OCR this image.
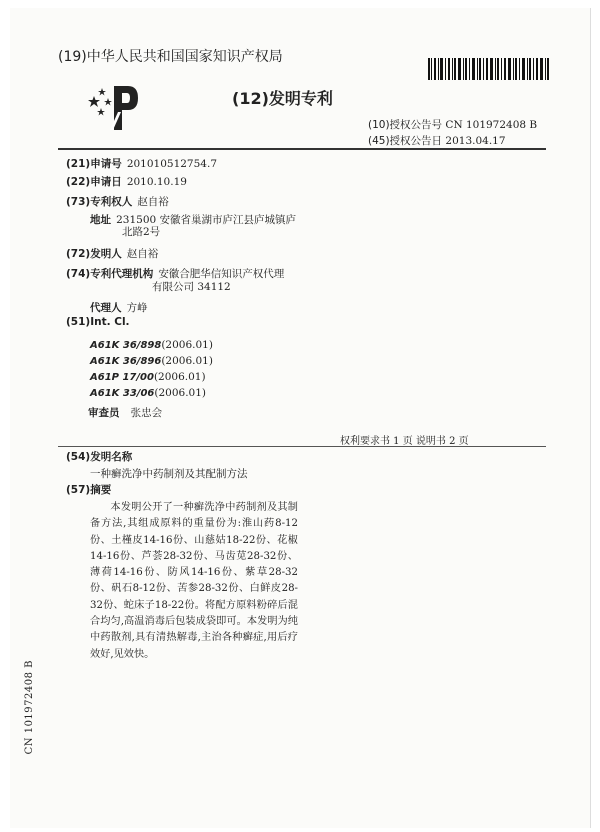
(19)中华人民共和国国家知识产权局
(12)发明专利
(10)授权公告号 CN 101972408 B
(45)授权公告日 2013.04.17
(21)申请号 201010512754.7
(22)申请日 2010.10.19
(73)专利权人 赵自裕
地址 231500 安徽省巢湖市庐江县庐城镇庐
北路2号
(72)发明人 赵自裕
(74)专利代理机构 安徽合肥华信知识产权代理
有限公司 34112
代理人 方峥
(51)Int. Cl.
A61K 36/898(2006.01)
A61K 36/896(2006.01)
A61P 17/00(2006.01)
A61K 33/06(2006.01)
审查员 张忠会
权利要求书 1 页 说明书 2 页
(54)发明名称
一种癣洗净中药制剂及其配制方法
(57)摘要
本发明公开了一种癣洗净中药制剂及其制备方法,其组成原料的重量份为:淮山药8-12份、土槿皮14-16份、山慈姑18-22份、花椒14-16份、芦荟28-32份、马齿苋28-32份、薄荷14-16份、防风14-16份、紫草28-32份、矾石8-12份、苦参28-32份、白鲜皮28-32份、蛇床子18-22份。将配方原料粉碎后混合均匀,高温消毒后包装成袋即可。本发明为纯中药散剂,具有清热解毒,主治各种癣症,用后疗效好,见效快。
CN 101972408 B
